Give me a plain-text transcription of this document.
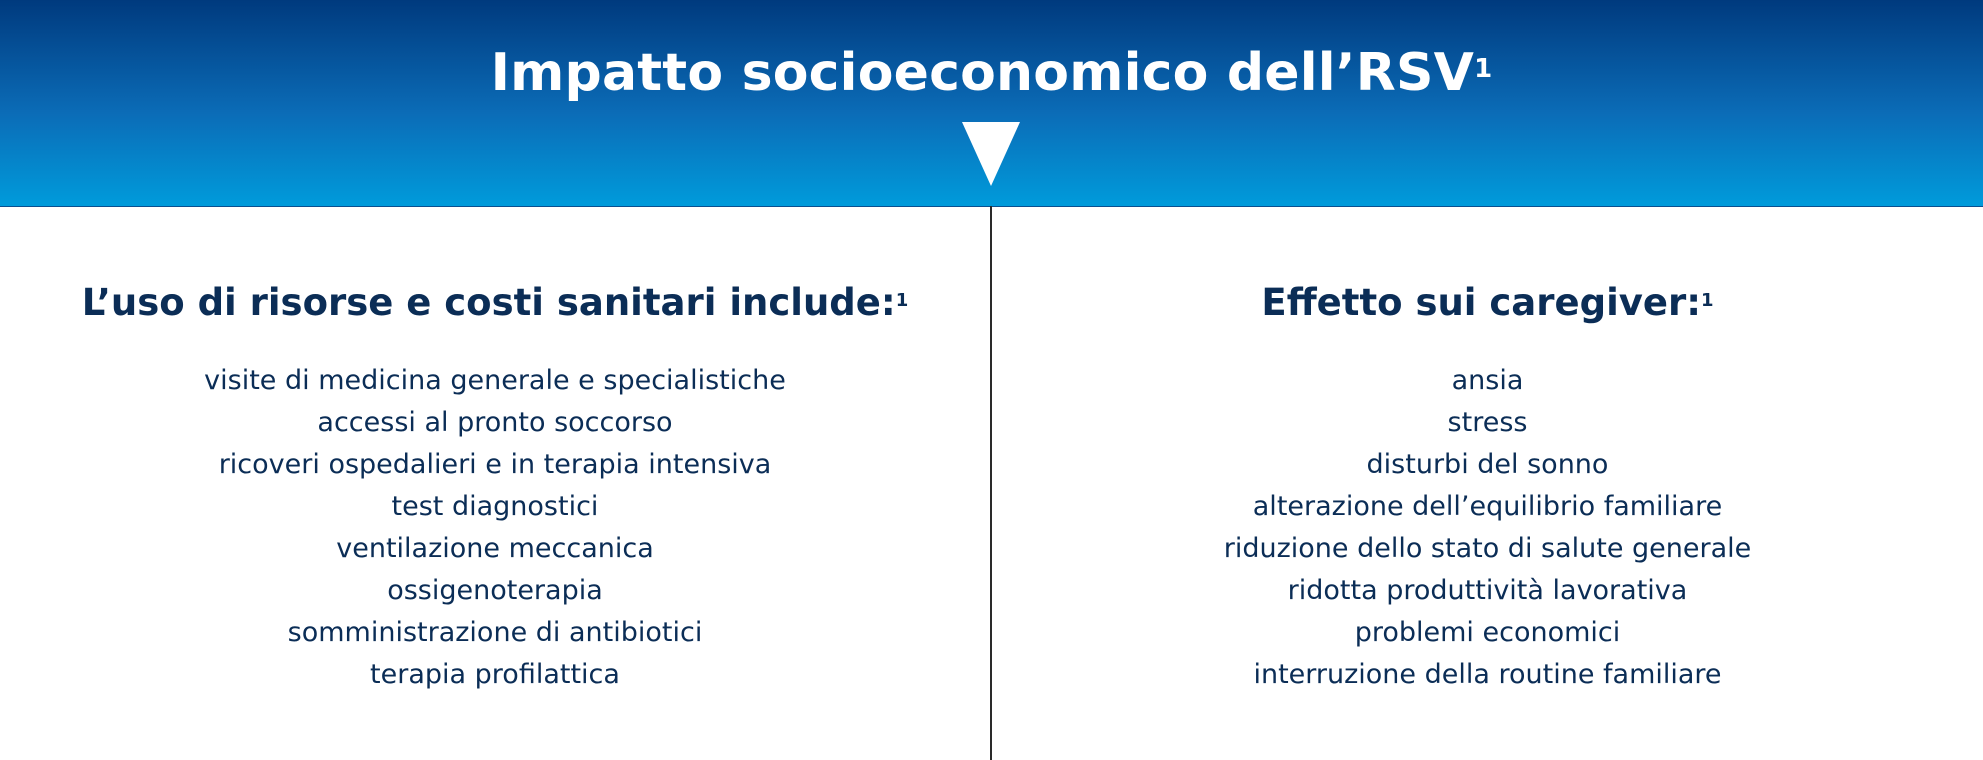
Impatto socioeconomico dell’RSV$^1$
L’uso di risorse e costi sanitari include:$^1$
visite di medicina generale e specialistiche
accessi al pronto soccorso
ricoveri ospedalieri e in terapia intensiva
test diagnostici
ventilazione meccanica
ossigenoterapia
somministrazione di antibiotici
terapia profilattica
Effetto sui caregiver:$^1$
ansia
stress
disturbi del sonno
alterazione dell’equilibrio familiare
riduzione dello stato di salute generale
ridotta produttività lavorativa
problemi economici
interruzione della routine familiare
